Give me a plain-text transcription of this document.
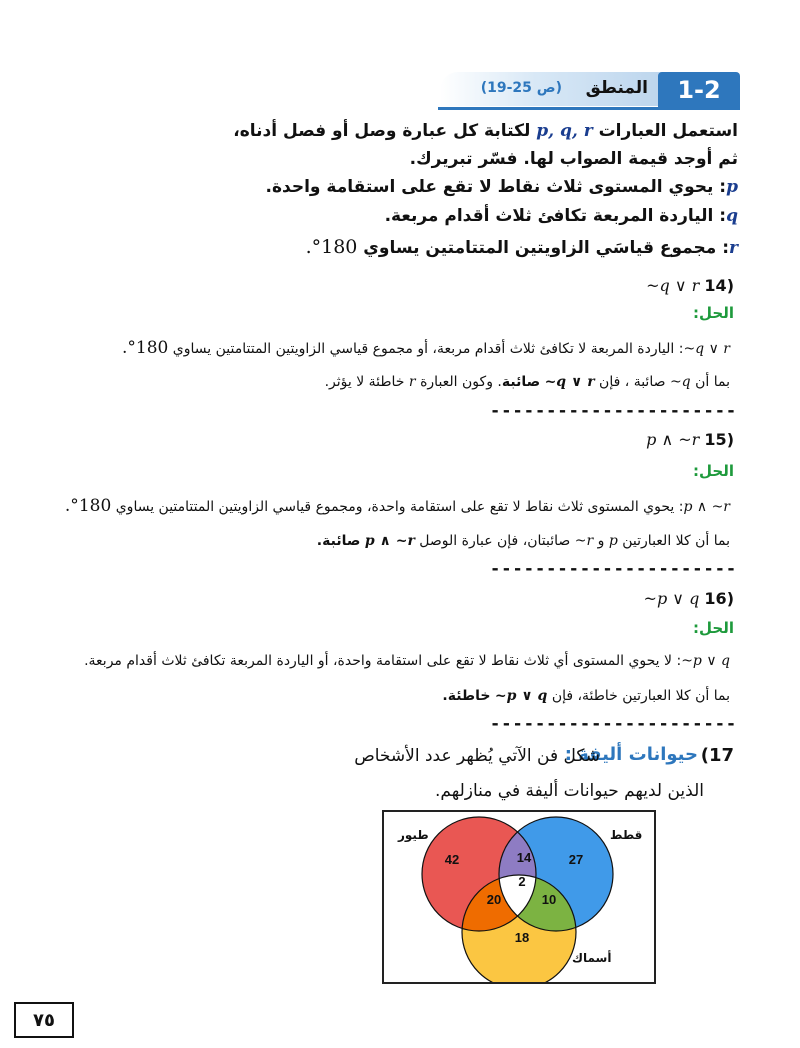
المنطق
(ص 25-19)	1-2
استعمل العبارات p, q, r لكتابة كل عبارة وصل أو فصل أدناه،
ثم أوجد قيمة الصواب لها. فسّر تبريرك.
p: يحوي المستوى ثلاث نقاط لا تقع على استقامة واحدة.
q: الياردة المربعة تكافئ ثلاث أقدام مربعة.
r: مجموع قياسَي الزاويتين المتتامتين يساوي 180°.
(14 ~q ∨ r
الحل:
~q ∨ r: الياردة المربعة لا تكافئ ثلاث أقدام مربعة، أو مجموع قياسي الزاويتين المتتامتين يساوي 180°.
بما أن ~q صائبة ، فإن ~q ∨ r صائبة. وكون العبارة r خاطئة لا يؤثر.
----------------------
(15 p ∧ ~r
الحل:
p ∧ ~r: يحوي المستوى ثلاث نقاط لا تقع على استقامة واحدة، ومجموع قياسي الزاويتين المتتامتين يساوي 180°.
بما أن كلا العبارتين p و ~r صائبتان، فإن عبارة الوصل p ∧ ~r صائبة.
----------------------
(16 ~p ∨ q
الحل:
~p ∨ q: لا يحوي المستوى أي ثلاث نقاط لا تقع على استقامة واحدة، أو الياردة المربعة تكافئ ثلاث أقدام مربعة.
بما أن كلا العبارتين خاطئة، فإن ~p ∨ q خاطئة.
----------------------
(17
حيوانات أليفة :
شكل فن الآتي يُظهر عدد الأشخاص
الذين لديهم حيوانات أليفة في منازلهم.
42	14	27
2
20	10
18
طيور	قطط
أسماك
٧٥
